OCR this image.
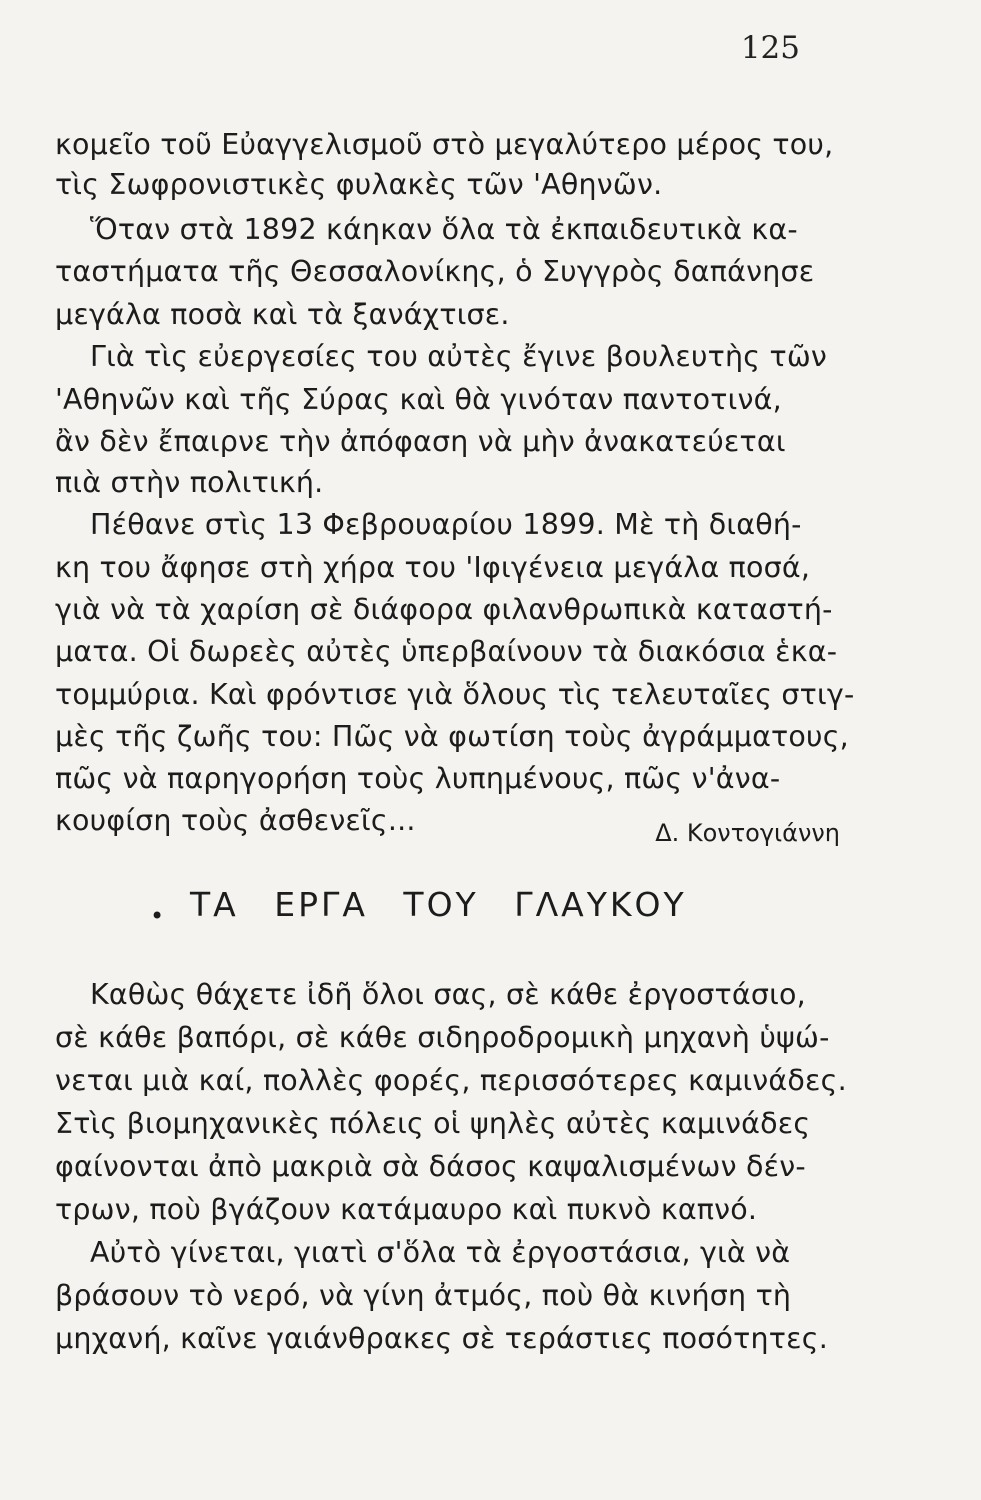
125
κομεῖο τοῦ Εὐαγγελισμοῦ στὸ μεγαλύτερο μέρος του,
τὶς Σωφρονιστικὲς φυλακὲς τῶν 'Αθηνῶν.
Ὅταν στὰ 1892 κάηκαν ὅλα τὰ ἐκπαιδευτικὰ κα-
ταστήματα τῆς Θεσσαλονίκης, ὁ Συγγρὸς δαπάνησε
μεγάλα ποσὰ καὶ τὰ ξανάχτισε.
Γιὰ τὶς εὐεργεσίες του αὐτὲς ἔγινε βουλευτὴς τῶν
'Αθηνῶν καὶ τῆς Σύρας καὶ θὰ γινόταν παντοτινά,
ἂν δὲν ἔπαιρνε τὴν ἀπόφαση νὰ μὴν ἀνακατεύεται
πιὰ στὴν πολιτική.
Πέθανε στὶς 13 Φεβρουαρίου 1899. Μὲ τὴ διαθή-
κη του ἄφησε στὴ χήρα του 'Ιφιγένεια μεγάλα ποσά,
γιὰ νὰ τὰ χαρίση σὲ διάφορα φιλανθρωπικὰ καταστή-
ματα. Οἱ δωρεὲς αὐτὲς ὑπερβαίνουν τὰ διακόσια ἑκα-
τομμύρια. Καὶ φρόντισε γιὰ ὅλους τὶς τελευταῖες στιγ-
μὲς τῆς ζωῆς του: Πῶς νὰ φωτίση τοὺς ἀγράμματους,
πῶς νὰ παρηγορήση τοὺς λυπημένους, πῶς ν'ἀνα-
κουφίση τοὺς ἀσθενεῖς...	Δ. Κοντογιάννη
• ΤΑ ΕΡΓΑ ΤΟΥ ΓΛΑΥΚΟΥ
Καθὼς θάχετε ἰδῆ ὅλοι σας, σὲ κάθε ἐργοστάσιο,
σὲ κάθε βαπόρι, σὲ κάθε σιδηροδρομικὴ μηχανὴ ὑψώ-
νεται μιὰ καί, πολλὲς φορές, περισσότερες καμινάδες.
Στὶς βιομηχανικὲς πόλεις οἱ ψηλὲς αὐτὲς καμινάδες
φαίνονται ἀπὸ μακριὰ σὰ δάσος καψαλισμένων δέν-
τρων, ποὺ βγάζουν κατάμαυρο καὶ πυκνὸ καπνό.
Αὐτὸ γίνεται, γιατὶ σ'ὅλα τὰ ἐργοστάσια, γιὰ νὰ
βράσουν τὸ νερό, νὰ γίνη ἀτμός, ποὺ θὰ κινήση τὴ
μηχανή, καῖνε γαιάνθρακες σὲ τεράστιες ποσότητες.
